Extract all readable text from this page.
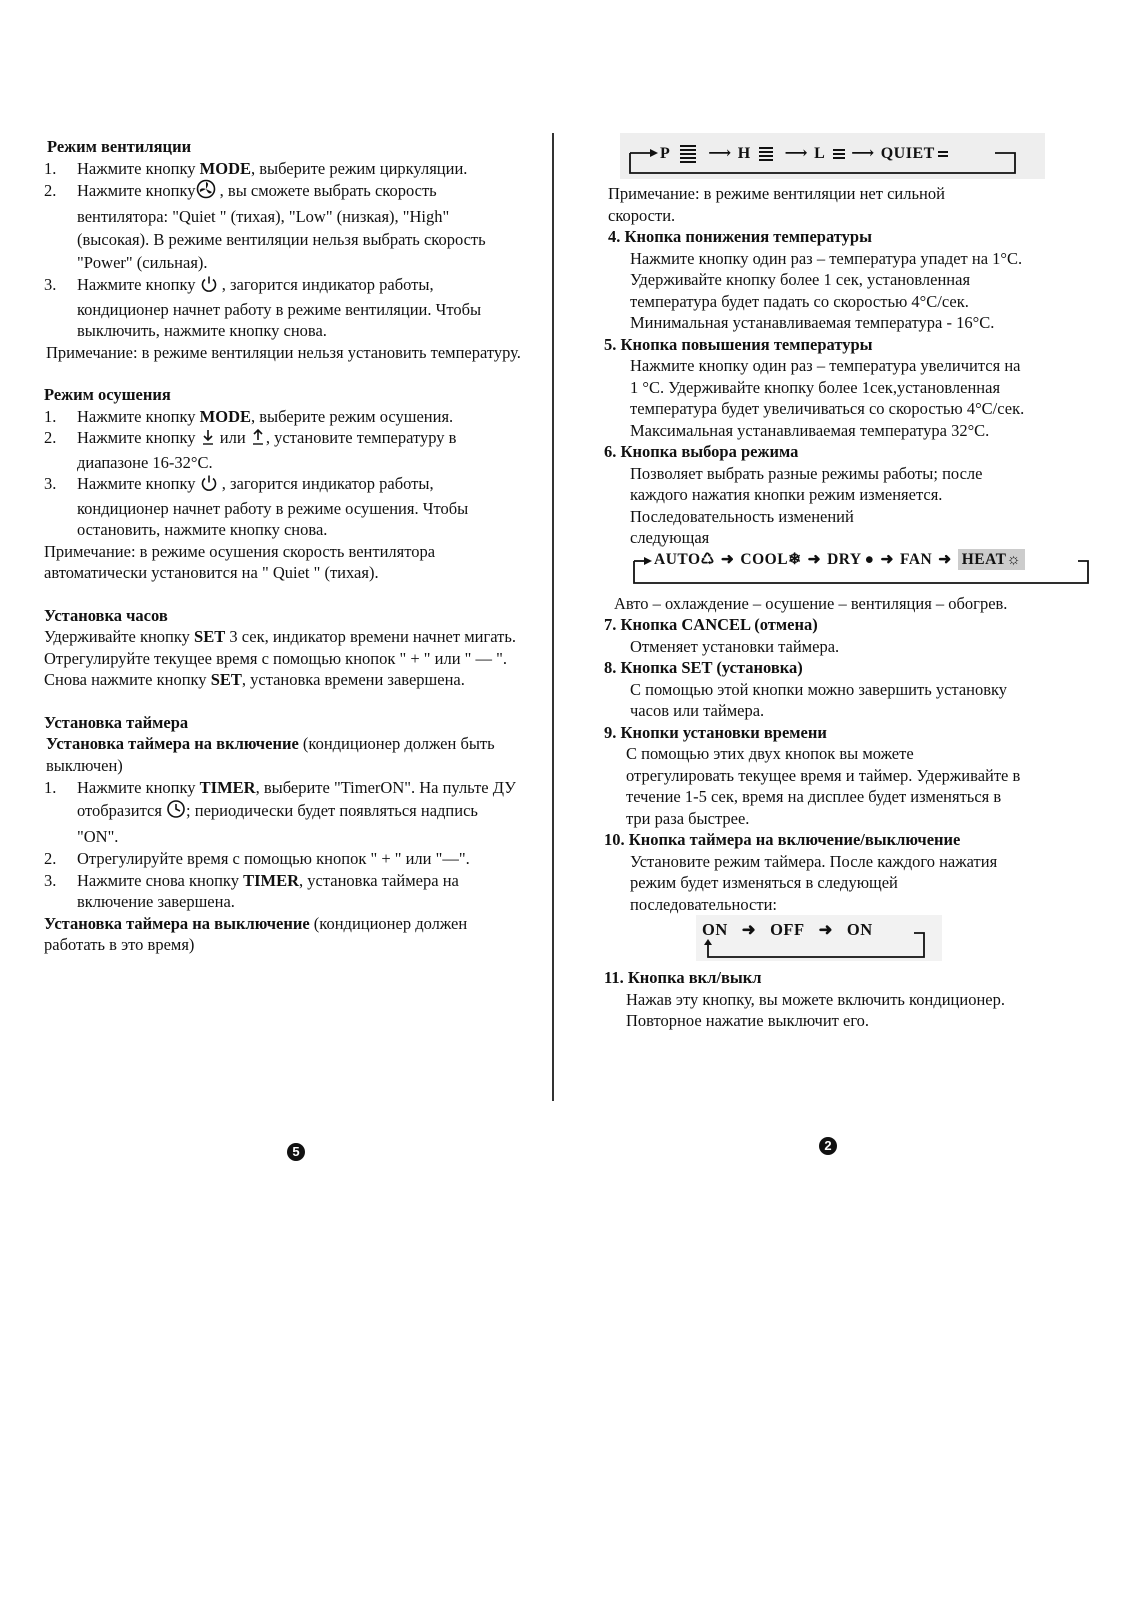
Режим вентиляции
1. Нажмите кнопку MODE, выберите режим циркуляции.
2. Нажмите кнопку , вы сможете выбрать скорость вентилятора: "Quiet " (тихая), "Low" (низкая), "High" (высокая). В режиме вентиляции нельзя выбрать скорость "Power" (сильная).
3. Нажмите кнопку  , загорится индикатор работы, кондиционер начнет работу в режиме вентиляции. Чтобы выключить, нажмите кнопку снова.
Примечание: в режиме вентиляции нельзя установить температуру.
Режим осушения
1. Нажмите кнопку MODE, выберите режим осушения.
2. Нажмите кнопку  или , установите температуру в диапазоне 16-32°C.
3. Нажмите кнопку  , загорится индикатор работы, кондиционер начнет работу в режиме осушения. Чтобы остановить, нажмите кнопку снова.
Примечание: в режиме осушения скорость вентилятора автоматически установится на " Quiet " (тихая).
Установка часов
Удерживайте кнопку SET 3 сек, индикатор времени начнет мигать.
Отрегулируйте текущее время с помощью кнопок " + " или " — ".
Снова нажмите кнопку SET, установка времени завершена.
Установка таймера
Установка таймера на включение (кондиционер должен быть выключен)
1. Нажмите кнопку TIMER, выберите "TimerON". На пульте ДУ отобразится ; периодически будет появляться надпись "ON".
2. Отрегулируйте время с помощью кнопок " + " или "—".
3. Нажмите снова кнопку TIMER, установка таймера на включение завершена.
Установка таймера на выключение (кондиционер должен работать в это время)
P ⟶ H ⟶ L ⟶ QUIET
Примечание: в режиме вентиляции нет сильной скорости.
4. Кнопка понижения температуры
Нажмите кнопку один раз – температура упадет на 1°C.
Удерживайте кнопку более 1 сек, установленная
температура будет падать со скоростью 4°C/сек.
Минимальная устанавливаемая температура - 16°C.
5. Кнопка повышения температуры
Нажмите кнопку один раз – температура увеличится на
1 °C. Удерживайте кнопку более 1сек,установленная
температура будет увеличиваться со скоростью 4°C/сек.
Максимальная устанавливаемая температура 32°C.
6. Кнопка выбора режима
Позволяет выбрать разные режимы работы; после
каждого нажатия кнопки режим изменяется.
Последовательность изменений
следующая
AUTO ♺ ➜ COOL ❄ ➜ DRY ● ➜ FAN ➜ HEAT☼
Авто – охлаждение – осушение – вентиляция – обогрев.
7. Кнопка CANCEL (отмена)
Отменяет установки таймера.
8. Кнопка SET (установка)
С помощью этой кнопки можно завершить установку
часов или таймера.
9. Кнопки установки времени
С помощью этих двух кнопок вы можете
отрегулировать текущее время и таймер. Удерживайте в
течение 1-5 сек, время на дисплее будет изменяться в
три раза быстрее.
10. Кнопка таймера на включение/выключение
Установите режим таймера. После каждого нажатия
режим будет изменяться в следующей
последовательности:
ON ➜ OFF ➜ ON
11. Кнопка вкл/выкл
Нажав эту кнопку, вы можете включить кондиционер.
Повторное нажатие выключит его.
5	2
